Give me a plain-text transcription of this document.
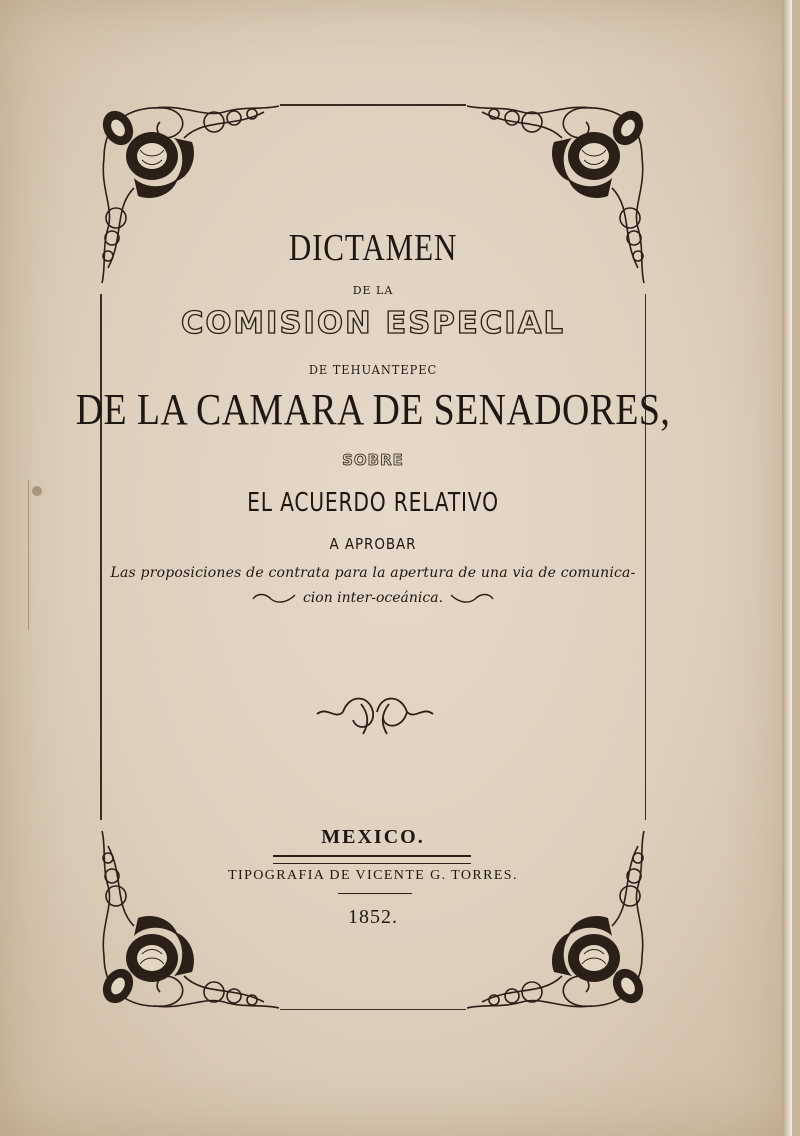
DICTAMEN
DE LA
COMISION ESPECIAL
DE TEHUANTEPEC
DE LA CAMARA DE SENADORES,
SOBRE
EL ACUERDO RELATIVO
A APROBAR
Las proposiciones de contrata para la apertura de una via de comunica-
cion inter-oceánica.
MEXICO.
TIPOGRAFIA DE VICENTE G. TORRES.
1852.
